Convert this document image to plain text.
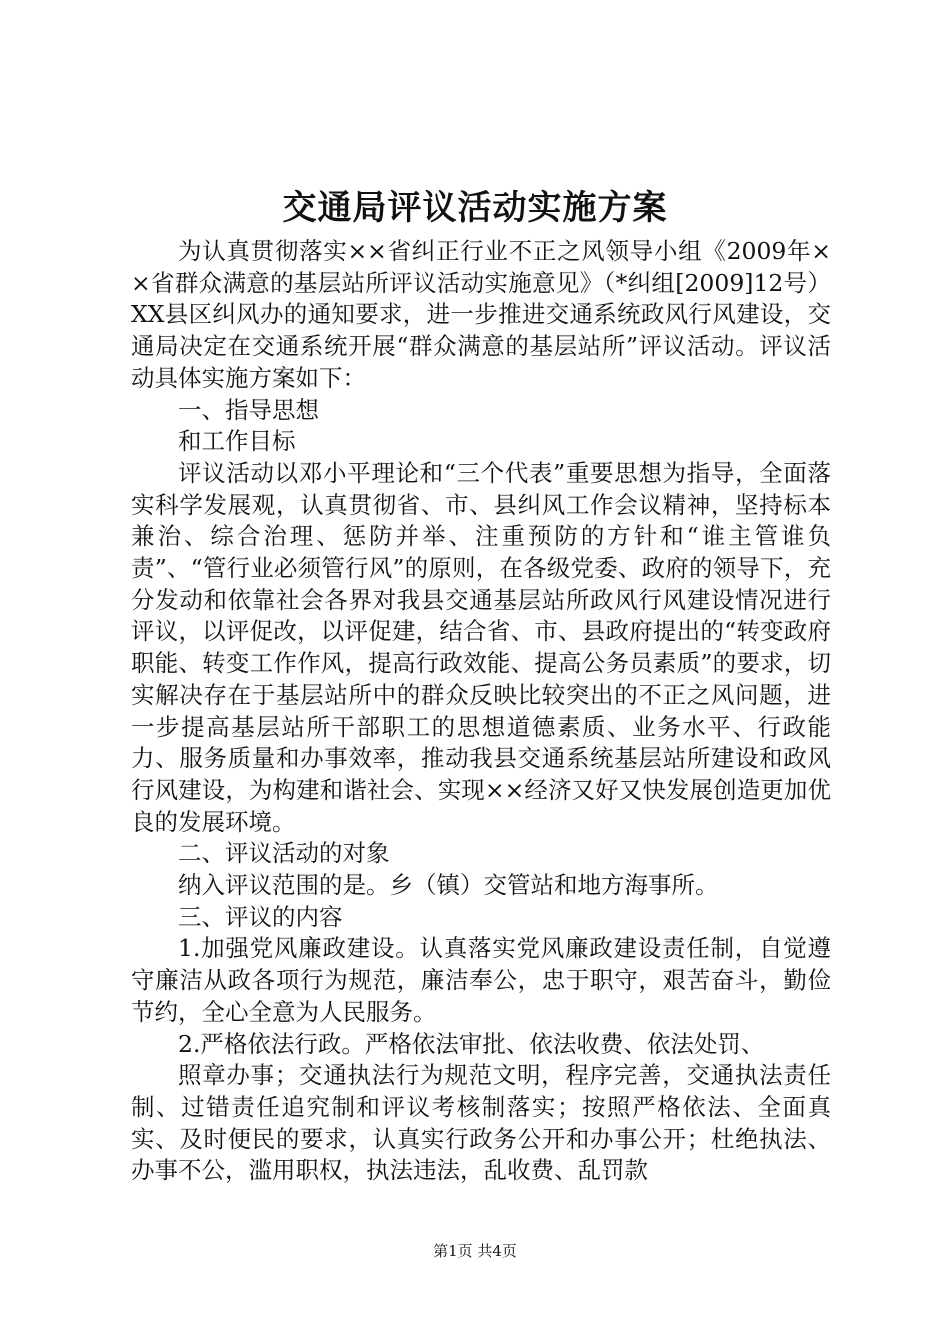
交通局评议活动实施方案

为认真贯彻落实××省纠正行业不正之风领导小组《2009年××省群众满意的基层站所评议活动实施意见》（*纠组[2009]12号）XX县区纠风办的通知要求，进一步推进交通系统政风行风建设，交通局决定在交通系统开展“群众满意的基层站所”评议活动。评议活动具体实施方案如下：

一、指导思想

和工作目标

评议活动以邓小平理论和“三个代表”重要思想为指导，全面落实科学发展观，认真贯彻省、市、县纠风工作会议精神，坚持标本兼治、综合治理、惩防并举、注重预防的方针和“谁主管谁负责”、“管行业必须管行风”的原则，在各级党委、政府的领导下，充分发动和依靠社会各界对我县交通基层站所政风行风建设情况进行评议，以评促改，以评促建，结合省、市、县政府提出的“转变政府职能、转变工作作风，提高行政效能、提高公务员素质”的要求，切实解决存在于基层站所中的群众反映比较突出的不正之风问题，进一步提高基层站所干部职工的思想道德素质、业务水平、行政能力、服务质量和办事效率，推动我县交通系统基层站所建设和政风行风建设，为构建和谐社会、实现××经济又好又快发展创造更加优良的发展环境。

二、评议活动的对象

纳入评议范围的是。乡（镇）交管站和地方海事所。

三、评议的内容

1.加强党风廉政建设。认真落实党风廉政建设责任制，自觉遵守廉洁从政各项行为规范，廉洁奉公，忠于职守，艰苦奋斗，勤俭节约，全心全意为人民服务。

2.严格依法行政。严格依法审批、依法收费、依法处罚、

照章办事；交通执法行为规范文明，程序完善，交通执法责任制、过错责任追究制和评议考核制落实；按照严格依法、全面真实、及时便民的要求，认真实行政务公开和办事公开；杜绝执法、办事不公，滥用职权，执法违法，乱收费、乱罚款

第1页 共4页
